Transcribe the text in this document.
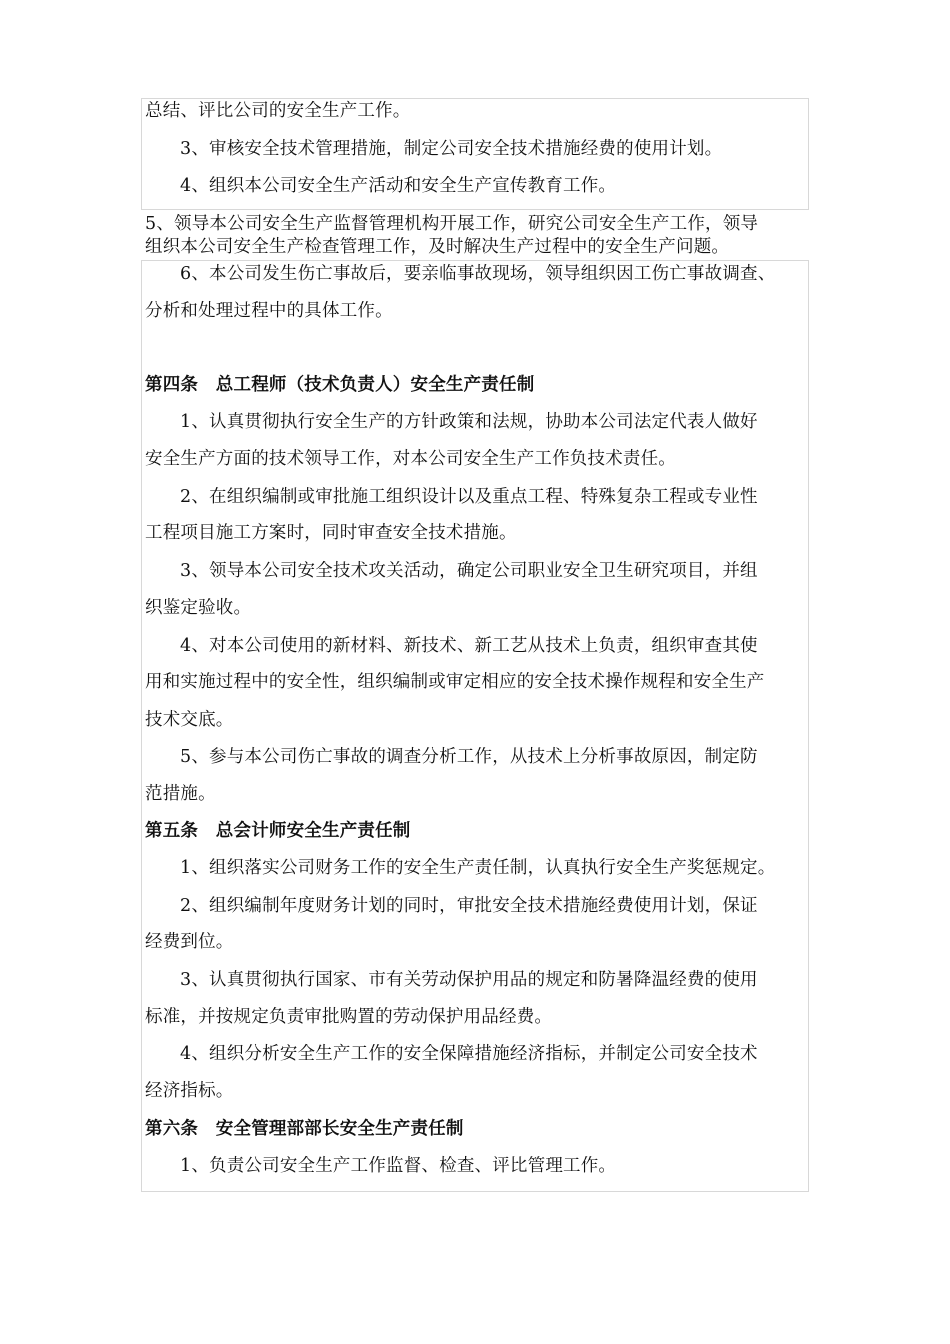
总结、评比公司的安全生产工作。
3、审核安全技术管理措施，制定公司安全技术措施经费的使用计划。
4、组织本公司安全生产活动和安全生产宣传教育工作。
5、领导本公司安全生产监督管理机构开展工作，研究公司安全生产工作，领导
组织本公司安全生产检查管理工作，及时解决生产过程中的安全生产问题。
6、本公司发生伤亡事故后，要亲临事故现场，领导组织因工伤亡事故调查、
分析和处理过程中的具体工作。
第四条　总工程师（技术负责人）安全生产责任制
1、认真贯彻执行安全生产的方针政策和法规，协助本公司法定代表人做好
安全生产方面的技术领导工作，对本公司安全生产工作负技术责任。
2、在组织编制或审批施工组织设计以及重点工程、特殊复杂工程或专业性
工程项目施工方案时，同时审查安全技术措施。
3、领导本公司安全技术攻关活动，确定公司职业安全卫生研究项目，并组
织鉴定验收。
4、对本公司使用的新材料、新技术、新工艺从技术上负责，组织审查其使
用和实施过程中的安全性，组织编制或审定相应的安全技术操作规程和安全生产
技术交底。
5、参与本公司伤亡事故的调查分析工作，从技术上分析事故原因，制定防
范措施。
第五条　总会计师安全生产责任制
1、组织落实公司财务工作的安全生产责任制，认真执行安全生产奖惩规定。
2、组织编制年度财务计划的同时，审批安全技术措施经费使用计划，保证
经费到位。
3、认真贯彻执行国家、市有关劳动保护用品的规定和防暑降温经费的使用
标准，并按规定负责审批购置的劳动保护用品经费。
4、组织分析安全生产工作的安全保障措施经济指标，并制定公司安全技术
经济指标。
第六条　安全管理部部长安全生产责任制
1、负责公司安全生产工作监督、检查、评比管理工作。
